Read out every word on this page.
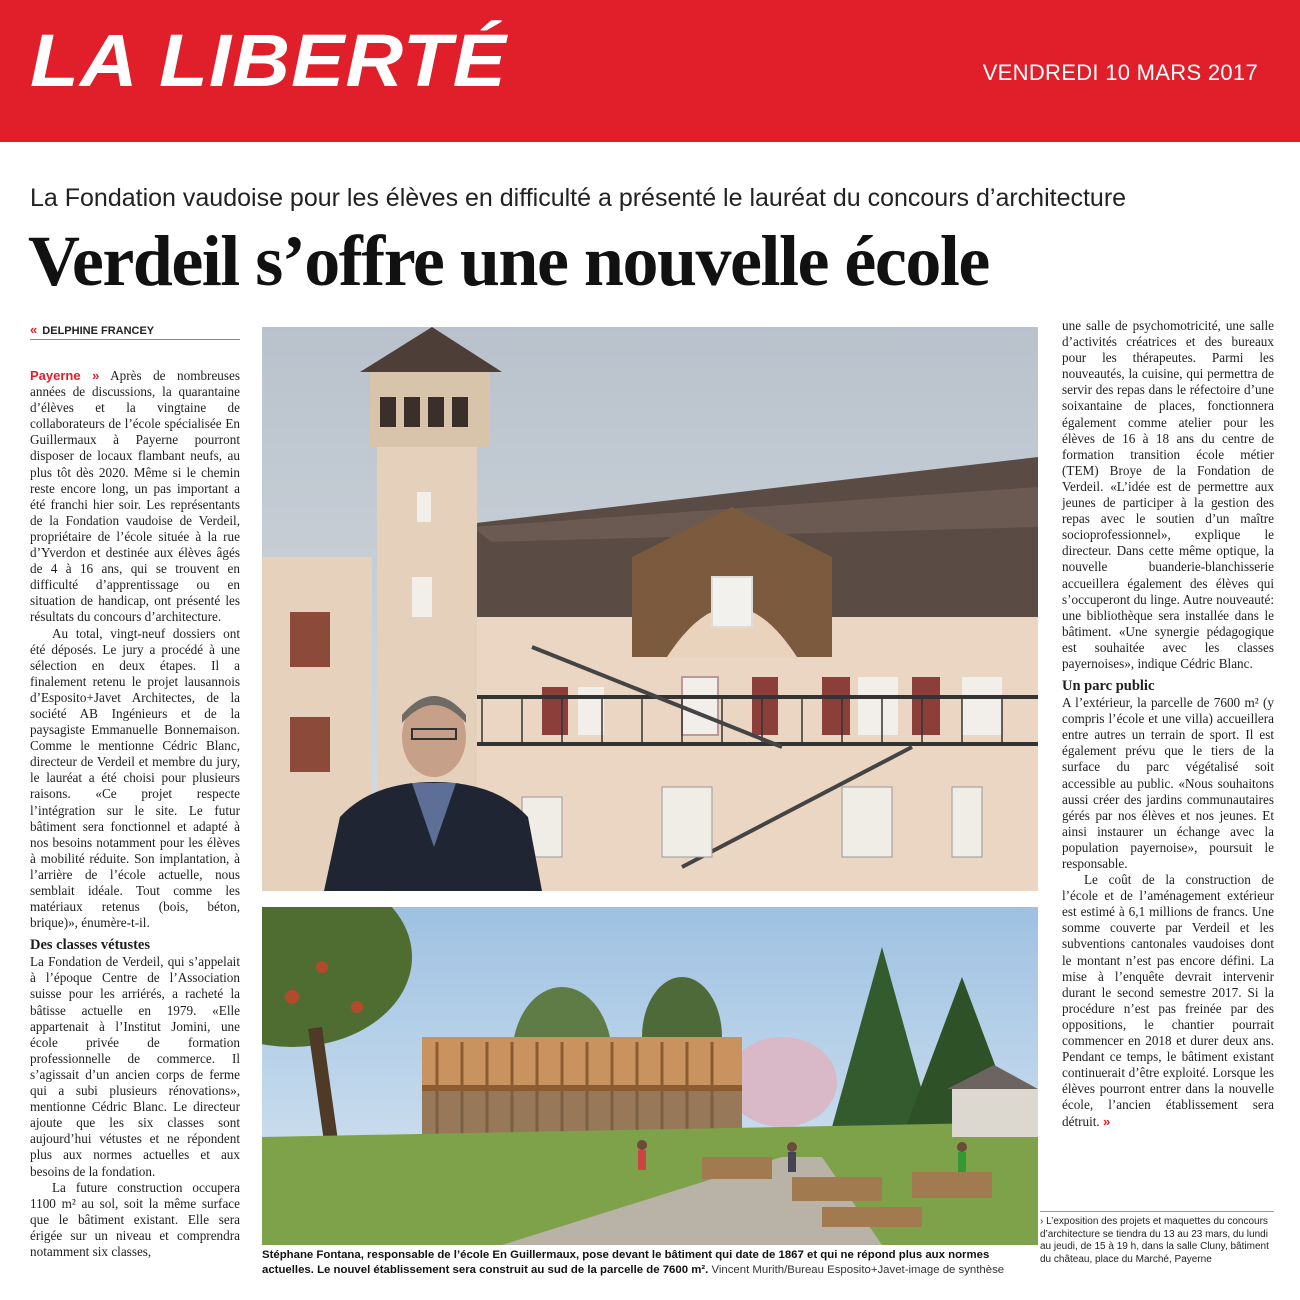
LA LIBERTÉ	VENDREDI 10 MARS 2017
La Fondation vaudoise pour les élèves en difficulté a présenté le lauréat du concours d’architecture
Verdeil s’offre une nouvelle école
« DELPHINE FRANCEY

Payerne » Après de nombreuses années de discussions, la quarantaine d’élèves et la vingtaine de collaborateurs de l’école spécialisée En Guillermaux à Payerne pourront disposer de locaux flambant neufs, au plus tôt dès 2020. Même si le chemin reste encore long, un pas important a été franchi hier soir. Les représentants de la Fondation vaudoise de Verdeil, propriétaire de l’école située à la rue d’Yverdon et destinée aux élèves âgés de 4 à 16 ans, qui se trouvent en difficulté d’apprentissage ou en situation de handicap, ont présenté les résultats du concours d’architecture.

Au total, vingt-neuf dossiers ont été déposés. Le jury a procédé à une sélection en deux étapes. Il a finalement retenu le projet lausannois d’Esposito+Javet Architectes, de la société AB Ingénieurs et de la paysagiste Emmanuelle Bonnemaison. Comme le mentionne Cédric Blanc, directeur de Verdeil et membre du jury, le lauréat a été choisi pour plusieurs raisons. «Ce projet respecte l’intégration sur le site. Le futur bâtiment sera fonctionnel et adapté à nos besoins notamment pour les élèves à mobilité réduite. Son implantation, à l’arrière de l’école actuelle, nous semblait idéale. Tout comme les matériaux retenus (bois, béton, brique)», énumère-t-il.

Des classes vétustes

La Fondation de Verdeil, qui s’appelait à l’époque Centre de l’Association suisse pour les arriérés, a racheté la bâtisse actuelle en 1979. «Elle appartenait à l’Institut Jomini, une école privée de formation professionnelle de commerce. Il s’agissait d’un ancien corps de ferme qui a subi plusieurs rénovations», mentionne Cédric Blanc. Le directeur ajoute que les six classes sont aujourd’hui vétustes et ne répondent plus aux normes actuelles et aux besoins de la fondation.

La future construction occupera 1100 m² au sol, soit la même surface que le bâtiment existant. Elle sera érigée sur un niveau et comprendra notamment six classes,

une salle de psychomotricité, une salle d’activités créatrices et des bureaux pour les thérapeutes. Parmi les nouveautés, la cuisine, qui permettra de servir des repas dans le réfectoire d’une soixantaine de places, fonctionnera également comme atelier pour les élèves de 16 à 18 ans du centre de formation transition école métier (TEM) Broye de la Fondation de Verdeil. «L’idée est de permettre aux jeunes de participer à la gestion des repas avec le soutien d’un maître socioprofessionnel», explique le directeur. Dans cette même optique, la nouvelle buanderie-blanchisserie accueillera également des élèves qui s’occuperont du linge. Autre nouveauté: une bibliothèque sera installée dans le bâtiment. «Une synergie pédagogique est souhaitée avec les classes payernoises», indique Cédric Blanc.

Un parc public

A l’extérieur, la parcelle de 7600 m² (y compris l’école et une villa) accueillera entre autres un terrain de sport. Il est également prévu que le tiers de la surface du parc végétalisé soit accessible au public. «Nous souhaitons aussi créer des jardins communautaires gérés par nos élèves et nos jeunes. Et ainsi instaurer un échange avec la population payernoise», poursuit le responsable.

Le coût de la construction de l’école et de l’aménagement extérieur est estimé à 6,1 millions de francs. Une somme couverte par Verdeil et les subventions cantonales vaudoises dont le montant n’est pas encore défini. La mise à l’enquête devrait intervenir durant le second semestre 2017. Si la procédure n’est pas freinée par des oppositions, le chantier pourrait commencer en 2018 et durer deux ans. Pendant ce temps, le bâtiment existant continuerait d’être exploité. Lorsque les élèves pourront entrer dans la nouvelle école, l’ancien établissement sera détruit. »

Stéphane Fontana, responsable de l’école En Guillermaux, pose devant le bâtiment qui date de 1867 et qui ne répond plus aux normes actuelles. Le nouvel établissement sera construit au sud de la parcelle de 7600 m². Vincent Murith/Bureau Esposito+Javet-image de synthèse
› L’exposition des projets et maquettes du concours d’architecture se tiendra du 13 au 23 mars, du lundi au jeudi, de 15 à 19 h, dans la salle Cluny, bâtiment du château, place du Marché, Payerne
